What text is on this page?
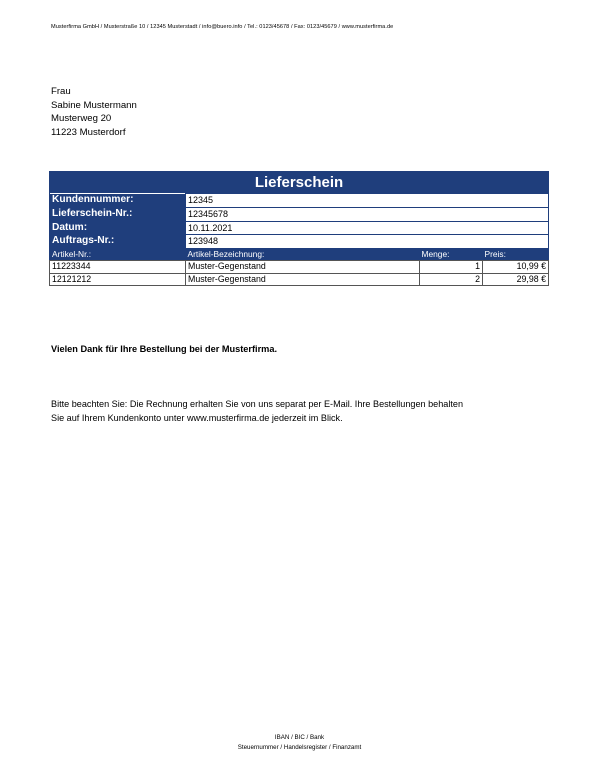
Musterfirma GmbH / Musterstraße 10 / 12345 Musterstadt / info@buero.info / Tel.: 0123/45678 / Fax: 0123/45679 / www.musterfirma.de
Frau
Sabine Mustermann
Musterweg 20
11223 Musterdorf
Lieferschein			
Kundennummer:	12345		
Lieferschein-Nr.:	12345678		
Datum:	10.11.2021		
Auftrags-Nr.:	123948		
Artikel-Nr.:	Artikel-Bezeichnung:	Menge:	Preis:
11223344	Muster-Gegenstand	1	10,99 €
12121212	Muster-Gegenstand	2	29,98 €
Vielen Dank für Ihre Bestellung bei der Musterfirma.
Bitte beachten Sie: Die Rechnung erhalten Sie von uns separat per E-Mail. Ihre Bestellungen behalten
Sie auf Ihrem Kundenkonto unter www.musterfirma.de jederzeit im Blick.
IBAN / BIC / Bank
Steuernummer / Handelsregister / Finanzamt
